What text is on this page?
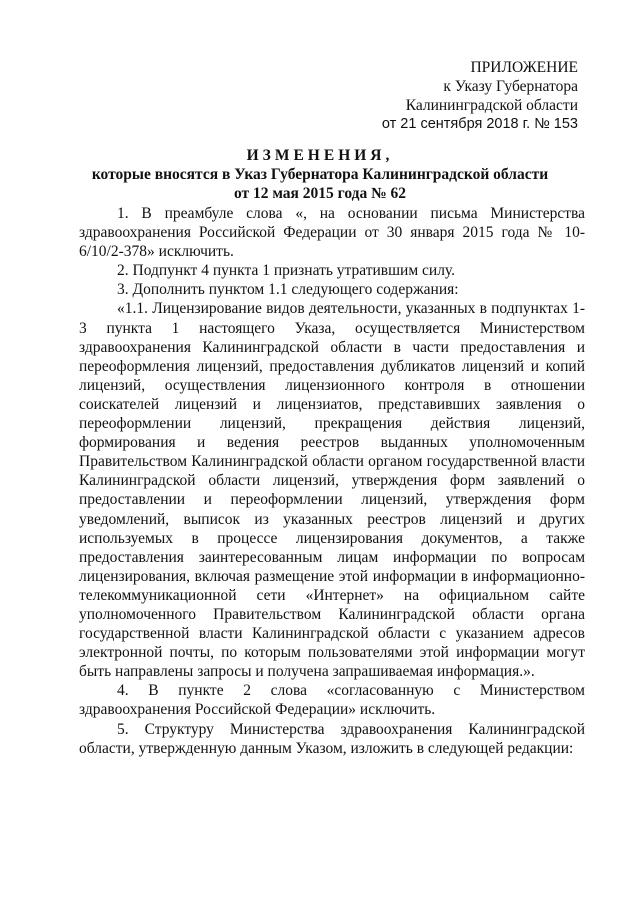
ПРИЛОЖЕНИЕ
к Указу Губернатора
Калининградской области
от 21 сентября 2018 г. № 153
ИЗМЕНЕНИЯ,
которые вносятся в Указ Губернатора Калининградской области
от 12 мая 2015 года № 62

1. В преамбуле слова «, на основании письма Министерства здравоохранения Российской Федерации от 30 января 2015 года № 10-6/10/2-378» исключить.

2. Подпункт 4 пункта 1 признать утратившим силу.

3. Дополнить пунктом 1.1 следующего содержания:

«1.1. Лицензирование видов деятельности, указанных в подпунктах 1-3 пункта 1 настоящего Указа, осуществляется Министерством здравоохранения Калининградской области в части предоставления и переоформления лицензий, предоставления дубликатов лицензий и копий лицензий, осуществления лицензионного контроля в отношении соискателей лицензий и лицензиатов, представивших заявления о переоформлении лицензий, прекращения действия лицензий, формирования и ведения реестров выданных уполномоченным Правительством Калининградской области органом государственной власти Калининградской области лицензий, утверждения форм заявлений о предоставлении и переоформлении лицензий, утверждения форм уведомлений, выписок из указанных реестров лицензий и других используемых в процессе лицензирования документов, а также предоставления заинтересованным лицам информации по вопросам лицензирования, включая размещение этой информации в информационно-телекоммуникационной сети «Интернет» на официальном сайте уполномоченного Правительством Калининградской области органа государственной власти Калининградской области с указанием адресов электронной почты, по которым пользователями этой информации могут быть направлены запросы и получена запрашиваемая информация.».

4. В пункте 2 слова «согласованную с Министерством здравоохранения Российской Федерации» исключить.

5. Структуру Министерства здравоохранения Калининградской области, утвержденную данным Указом, изложить в следующей редакции:
